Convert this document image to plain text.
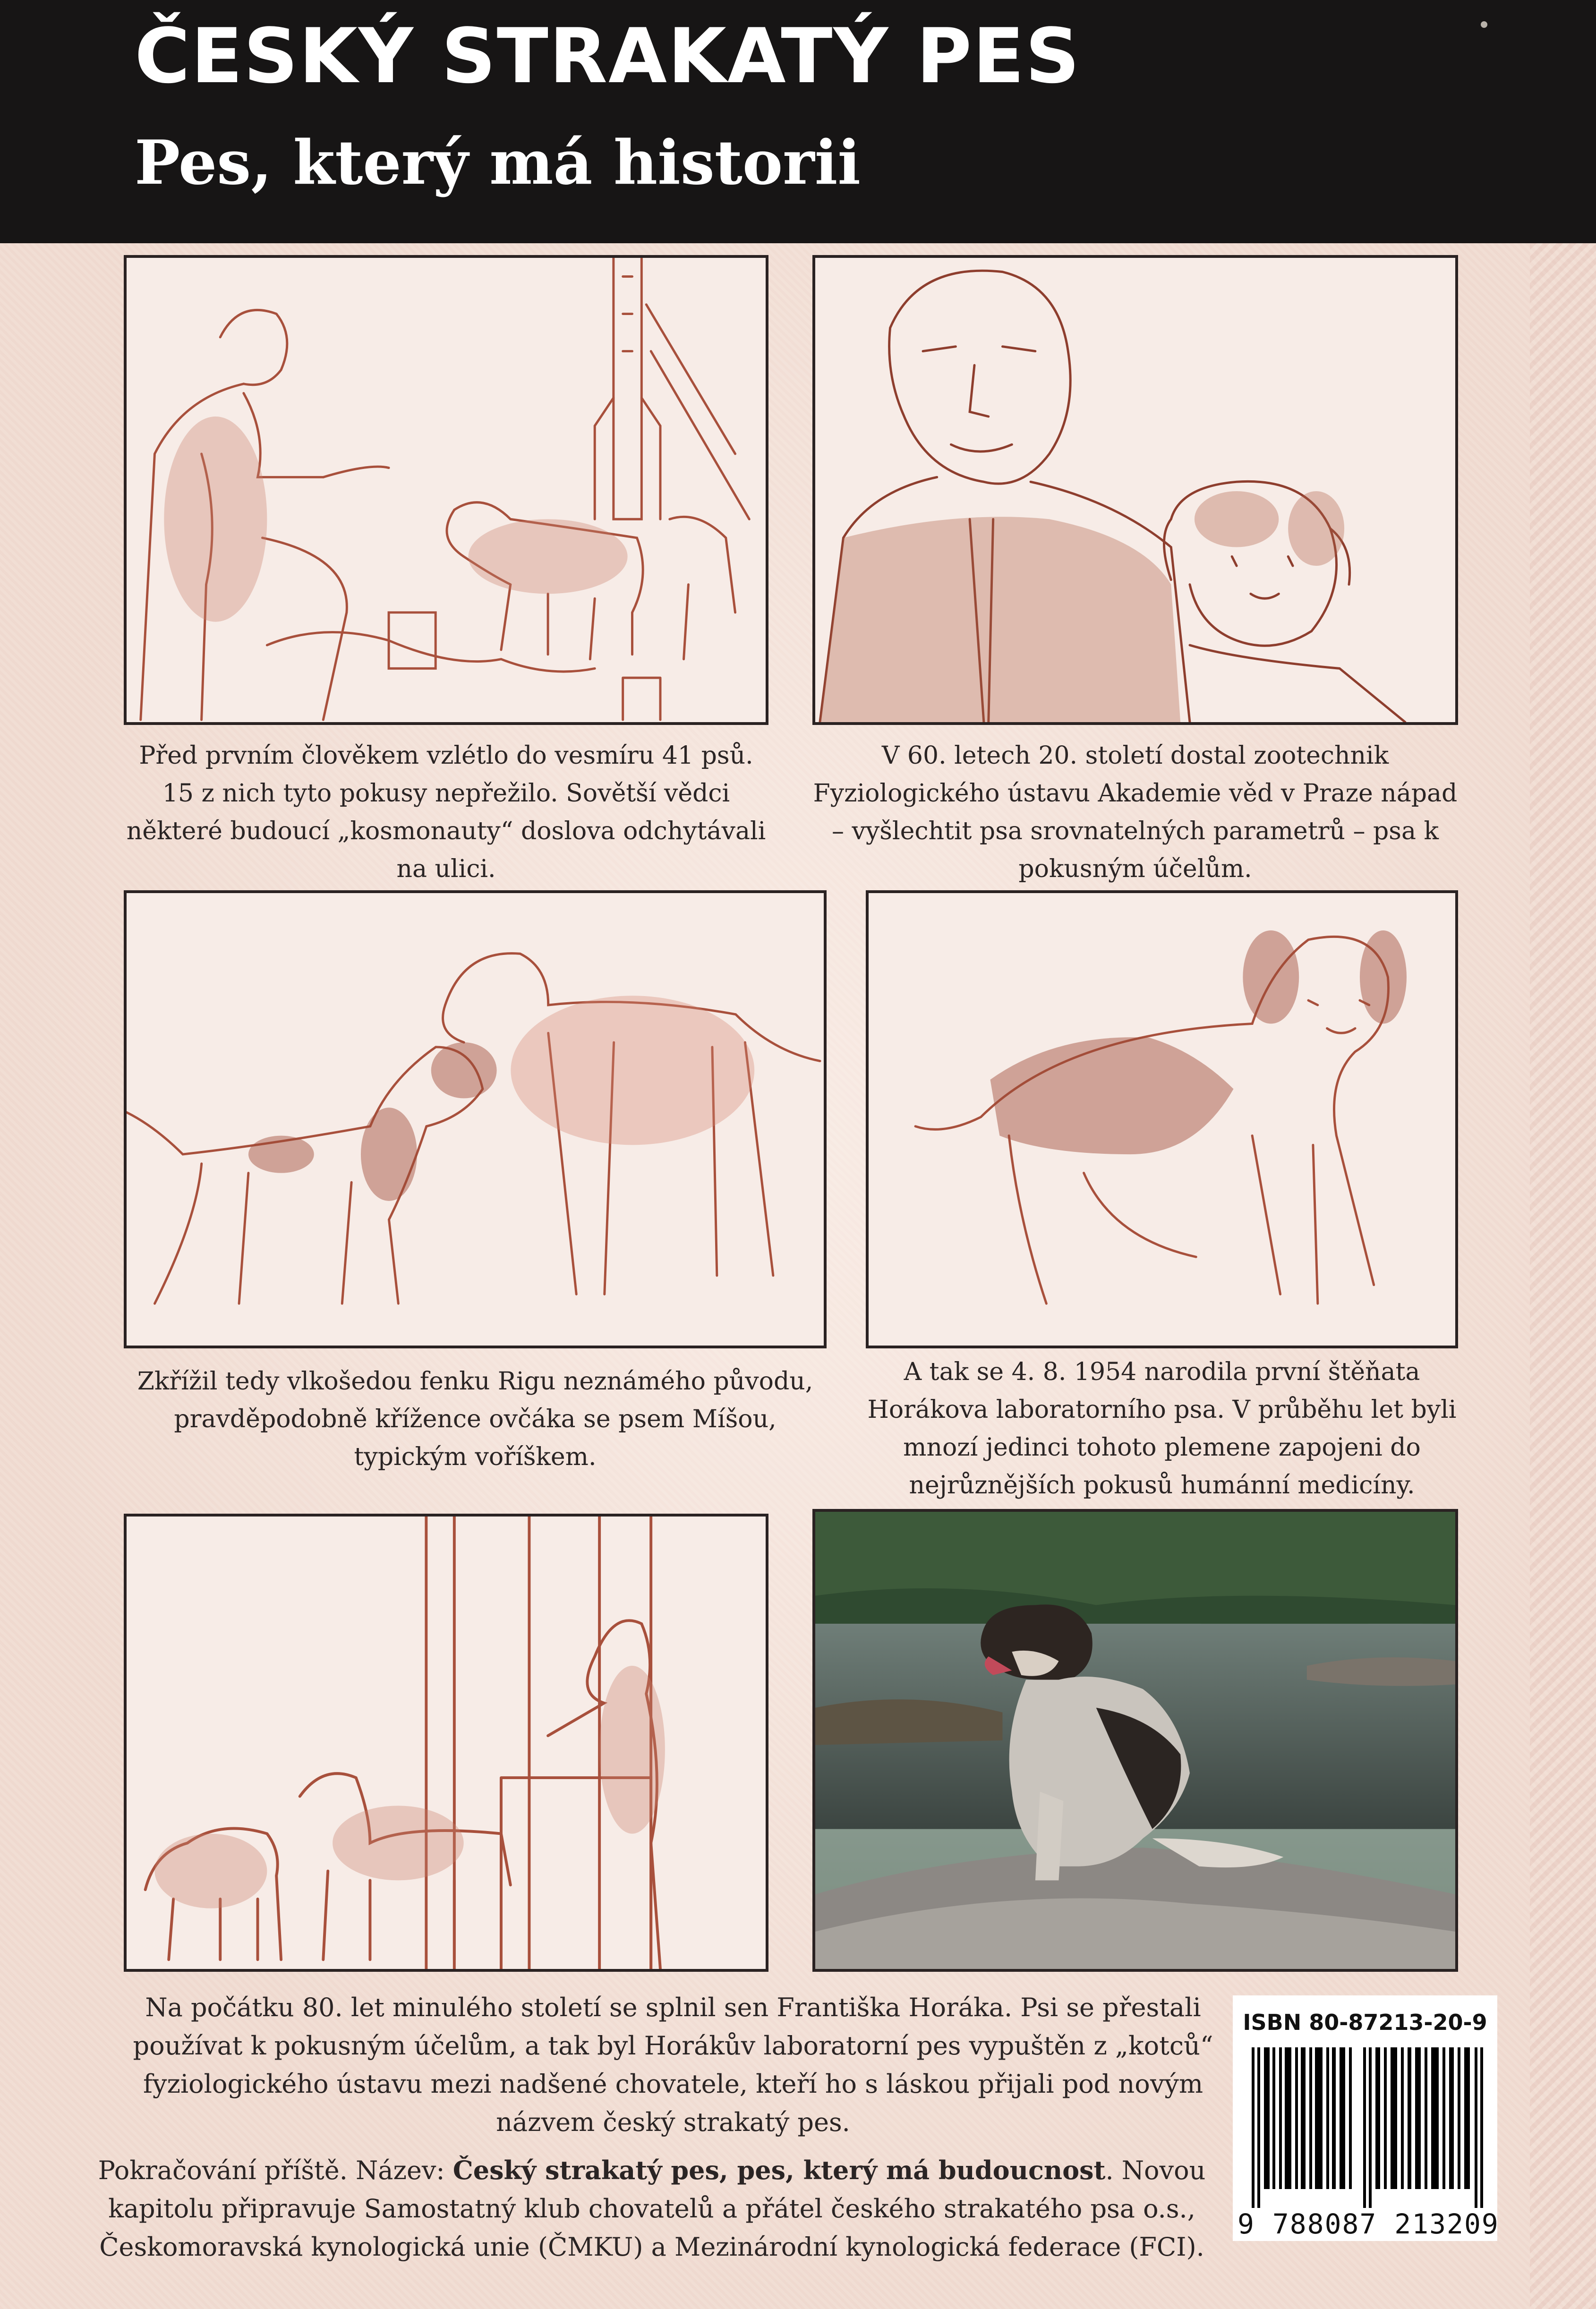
ČESKÝ STRAKATÝ PES
Pes, který má historii
Před prvním člověkem vzlétlo do vesmíru 41 psů. 15 z nich tyto pokusy nepřežilo. Sovětší vědci některé budoucí „kosmonauty“ doslova odchytávali na ulici.
V 60. letech 20. století dostal zootechnik Fyziologického ústavu Akademie věd v Praze nápad – vyšlechtit psa srovnatelných parametrů – psa k pokusným účelům.
Zkřížil tedy vlkošedou fenku Rigu neznámého původu, pravděpodobně křížence ovčáka se psem Míšou, typickým voříškem.
A tak se 4. 8. 1954 narodila první štěňata Horákova laboratorního psa. V průběhu let byli mnozí jedinci tohoto plemene zapojeni do nejrůznějších pokusů humánní medicíny.
Na počátku 80. let minulého století se splnil sen Františka Horáka. Psi se přestali používat k pokusným účelům, a tak byl Horákův laboratorní pes vypuštěn z „kotců“ fyziologického ústavu mezi nadšené chovatele, kteří ho s láskou přijali pod novým názvem český strakatý pes.

Pokračování příště. Název: Český strakatý pes, pes, který má budoucnost. Novou kapitolu připravuje Samostatný klub chovatelů a přátel českého strakatého psa o.s., Českomoravská kynologická unie (ČMKU) a Mezinárodní kynologická federace (FCI).

ISBN 80-87213-20-9

9 788087 213209
